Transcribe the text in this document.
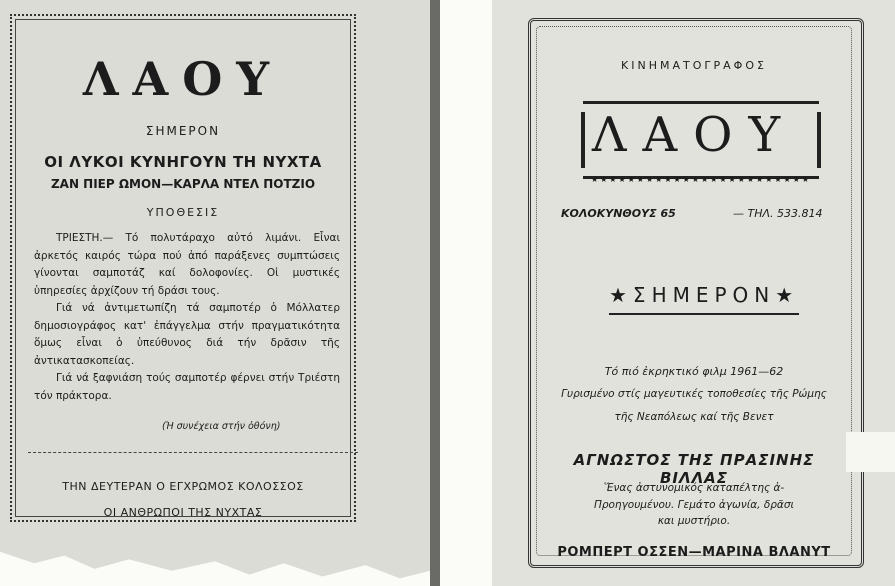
ΛΑΟΥ
ΣΗΜΕΡΟΝ
ΟΙ ΛΥΚΟΙ ΚΥΝΗΓΟΥΝ ΤΗ ΝΥΧΤΑ
ΖΑΝ ΠΙΕΡ ΩΜΟΝ—ΚΑΡΛΑ ΝΤΕΛ ΠΟΤΖΙΟ
ΥΠΟΘΕΣΙΣ

ΤΡΙΕΣΤΗ.— Τό πολυτάραχο αὐτό λιμάνι. Εἶναι ἀρκετός καιρός τώρα πού ἀπό παράξενες συμπτώσεις γίνονται σαμποτάζ καί δολοφονίες. Οἱ μυστικές ὑπηρεσίες ἀρχίζουν τή δράσι τους.

Γιά νά ἀντιμετωπίζη τά σαμποτέρ ὁ Μόλλατερ δημοσιογράφος κατ' ἐπάγγελμα στήν πραγματικότητα ὅμως εἶναι ὁ ὑπεύθυνος διά τήν δρᾶσιν τῆς ἀντικατασκοπείας.

Γιά νά ξαφνιάση τούς σαμποτέρ φέρνει στήν Τριέστη τόν πράκτορα.

(Ἡ συνέχεια στήν ὀθόνη)
ΤΗΝ ΔΕΥΤΕΡΑΝ Ο ΕΓΧΡΩΜΟΣ ΚΟΛΟΣΣΟΣ
ΟΙ ΑΝΘΡΩΠΟΙ ΤΗΣ ΝΥΧΤΑΣ
ΚΙΝΗΜΑΤΟΓΡΑΦΟΣ
ΛΑΟΥ
★★★★★★★★★★★★★★★★★★★★★★★★
ΚΟΛΟΚΥΝΘΟΥΣ 65	— ΤΗΛ. 533.814
★ΣΗΜΕΡΟΝ★
Τό πιό ἐκρηκτικό φιλμ 1961—62
Γυρισμένο στίς μαγευτικές τοποθεσίες τῆς Ρώμης
τῆς Νεαπόλεως καί τῆς Βενετ
ΑΓΝΩΣΤΟΣ ΤΗΣ ΠΡΑΣΙΝΗΣ ΒΙΛΛΑΣ
Ἕνας ἀστυνομικός καταπέλτης ἀ-
Προηγουμένου. Γεμάτο ἀγωνία, δρᾶσι
και μυστήριο.
ΡΟΜΠΕΡΤ ΟΣΣΕΝ—ΜΑΡΙΝΑ ΒΛΑΝΥΤ
